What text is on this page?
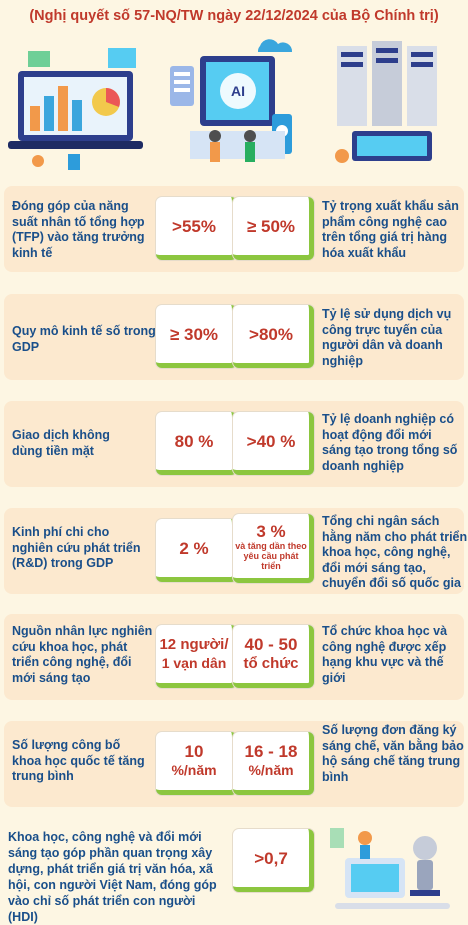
(Nghị quyết số 57-NQ/TW ngày 22/12/2024 của Bộ Chính trị)
AI
Đóng góp của năng suất nhân tố tổng hợp (TFP) vào tăng trưởng kinh tế
>55% ≥ 50%
Tỷ trọng xuất khẩu sản phẩm công nghệ cao trên tổng giá trị hàng hóa xuất khẩu
Quy mô kinh tế số trong GDP
≥ 30% >80%
Tỷ lệ sử dụng dịch vụ công trực tuyến của người dân và doanh nghiệp
Giao dịch không dùng tiền mặt	80 % >40 %
Tỷ lệ doanh nghiệp có hoạt động đổi mới sáng tạo trong tổng số doanh nghiệp
Kinh phí chi cho nghiên cứu phát triển (R&D) trong GDP
2 %
3 %
và tăng dần theo yêu cầu phát triển
Tổng chi ngân sách hằng năm cho phát triển khoa học, công nghệ, đổi mới sáng tạo, chuyển đổi số quốc gia
Nguồn nhân lực nghiên cứu khoa học, phát triển công nghệ, đổi mới sáng tạo
12 người/
1 vạn dân
40 - 50
tổ chức
Tổ chức khoa học và công nghệ được xếp hạng khu vực và thế giới
Số lượng công bố khoa học quốc tế tăng trung bình
10
%/năm
16 - 18
%/năm
Số lượng đơn đăng ký sáng chế, văn bằng bảo hộ sáng chế tăng trung bình
Khoa học, công nghệ và đổi mới sáng tạo góp phần quan trọng xây dựng, phát triển giá trị văn hóa, xã hội, con người Việt Nam, đóng góp vào chỉ số phát triển con người (HDI)
>0,7
